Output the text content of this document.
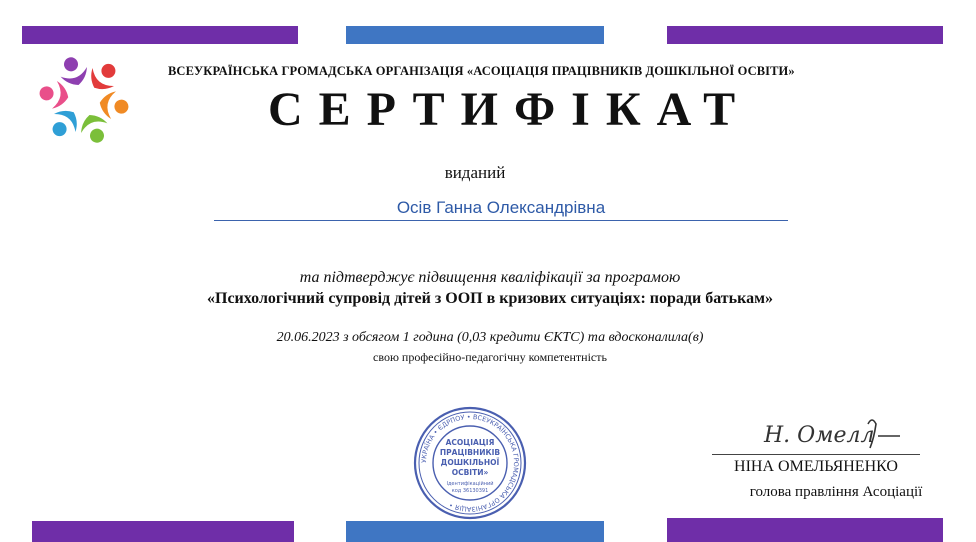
ВСЕУКРАЇНСЬКА ГРОМАДСЬКА ОРГАНІЗАЦІЯ «АСОЦІАЦІЯ ПРАЦІВНИКІВ ДОШКІЛЬНОЇ ОСВІТИ»
СЕРТИФІКАТ
виданий
Осів Ганна Олександрівна
та підтверджує підвищення кваліфікації за програмою
«Психологічний супровід дітей з ООП в кризових ситуаціях: поради батькам»
20.06.2023 з обсягом 1 година (0,03 кредити ЄКТС) та вдосконалила(в)
свою професійно-педагогічну компетентність
УКРАЇНА • ЄДРПОУ • ВСЕУКРАЇНСЬКА ГРОМАДСЬКА ОРГАНІЗАЦІЯ •
АСОЦІАЦІЯ
ПРАЦІВНИКІВ
ДОШКІЛЬНОЇ
ОСВІТИ»
Ідентифікаційний
код 36130391
Н. Омелл
НІНА ОМЕЛЬЯНЕНКО
голова правління Асоціації
